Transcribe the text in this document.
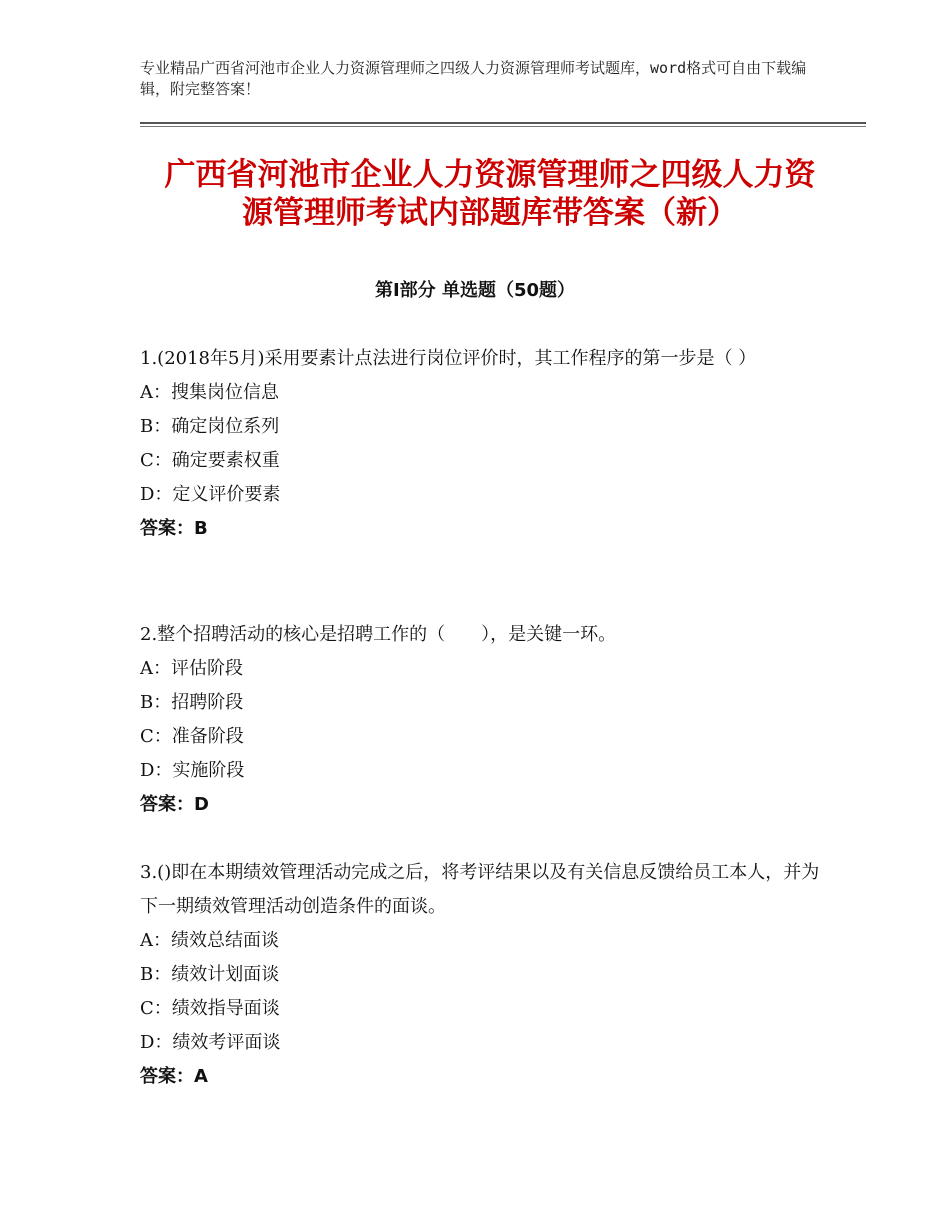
专业精品广西省河池市企业人力资源管理师之四级人力资源管理师考试题库，word格式可自由下载编辑，附完整答案！
广西省河池市企业人力资源管理师之四级人力资源管理师考试内部题库带答案（新）
第Ⅰ部分 单选题（50题）
1.(2018年5月)采用要素计点法进行岗位评价时，其工作程序的第一步是（ ）
A：搜集岗位信息
B：确定岗位系列
C：确定要素权重
D：定义评价要素
答案：B
2.整个招聘活动的核心是招聘工作的（　　），是关键一环。
A：评估阶段
B：招聘阶段
C：准备阶段
D：实施阶段
答案：D
3.()即在本期绩效管理活动完成之后，将考评结果以及有关信息反馈给员工本人，并为下一期绩效管理活动创造条件的面谈。
A：绩效总结面谈
B：绩效计划面谈
C：绩效指导面谈
D：绩效考评面谈
答案：A
